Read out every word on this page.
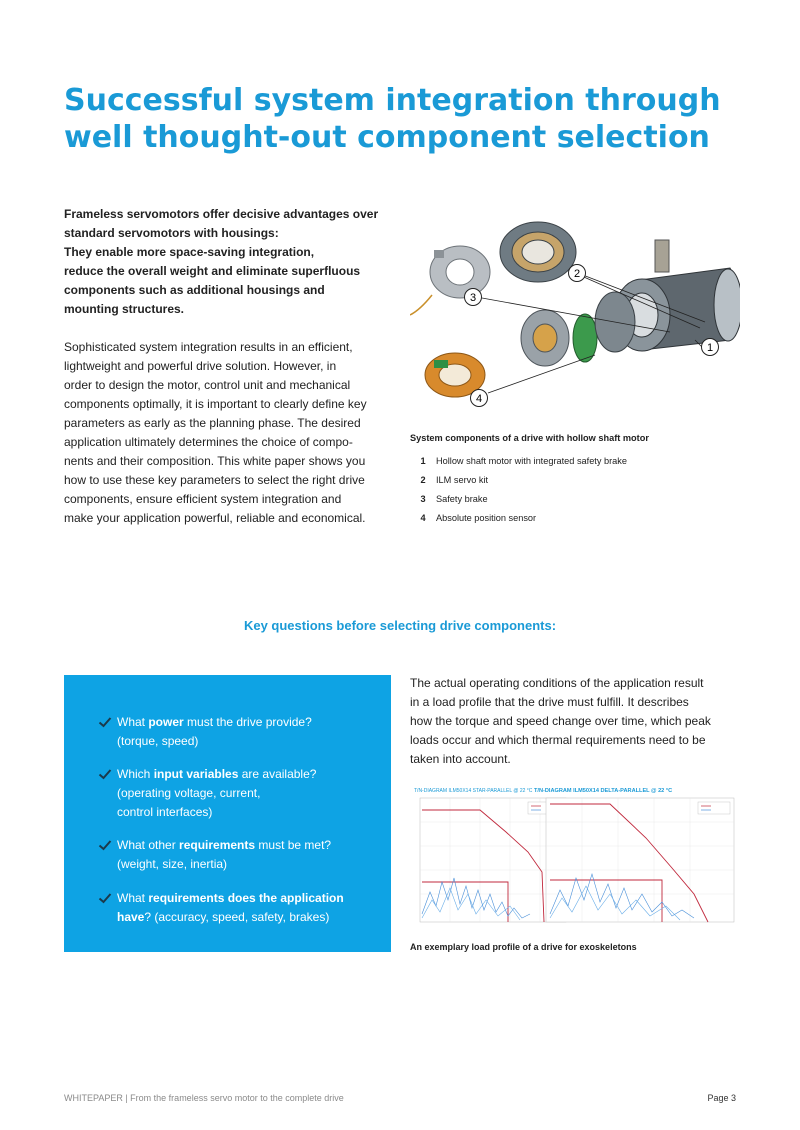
Successful system integration through
well thought-out component selection
Frameless servomotors offer decisive advantages over
standard servomotors with housings:
They enable more space-saving integration,
reduce the overall weight and eliminate superfluous
components such as additional housings and
mounting structures.
Sophisticated system integration results in an efficient,
lightweight and powerful drive solution. However, in
order to design the motor, control unit and mechanical
components optimally, it is important to clearly define key
parameters as early as the planning phase. The desired
application ultimately determines the choice of compo-
nents and their composition. This white paper shows you
how to use these key parameters to select the right drive
components, ensure efficient system integration and
make your application powerful, reliable and economical.
2
3
1
4
System components of a drive with hollow shaft motor
1	Hollow shaft motor with integrated safety brake
2	ILM servo kit
3	Safety brake
4	Absolute position sensor
Key questions before selecting drive components:
What power must the drive provide?
(torque, speed)
Which input variables are available?
(operating voltage, current,
control interfaces)
What other requirements must be met?
(weight, size, inertia)
What requirements does the application
have? (accuracy, speed, safety, brakes)
The actual operating conditions of the application result
in a load profile that the drive must fulfill. It describes
how the torque and speed change over time, which peak
loads occur and which thermal requirements need to be
taken into account.
T/N-DIAGRAM ILM50X14 STAR-PARALLEL @ 22 °C T/N-DIAGRAM ILM50X14 DELTA-PARALLEL @ 22 °C
An exemplary load profile of a drive for exoskeletons
WHITEPAPER | From the frameless servo motor to the complete drive	Page 3
